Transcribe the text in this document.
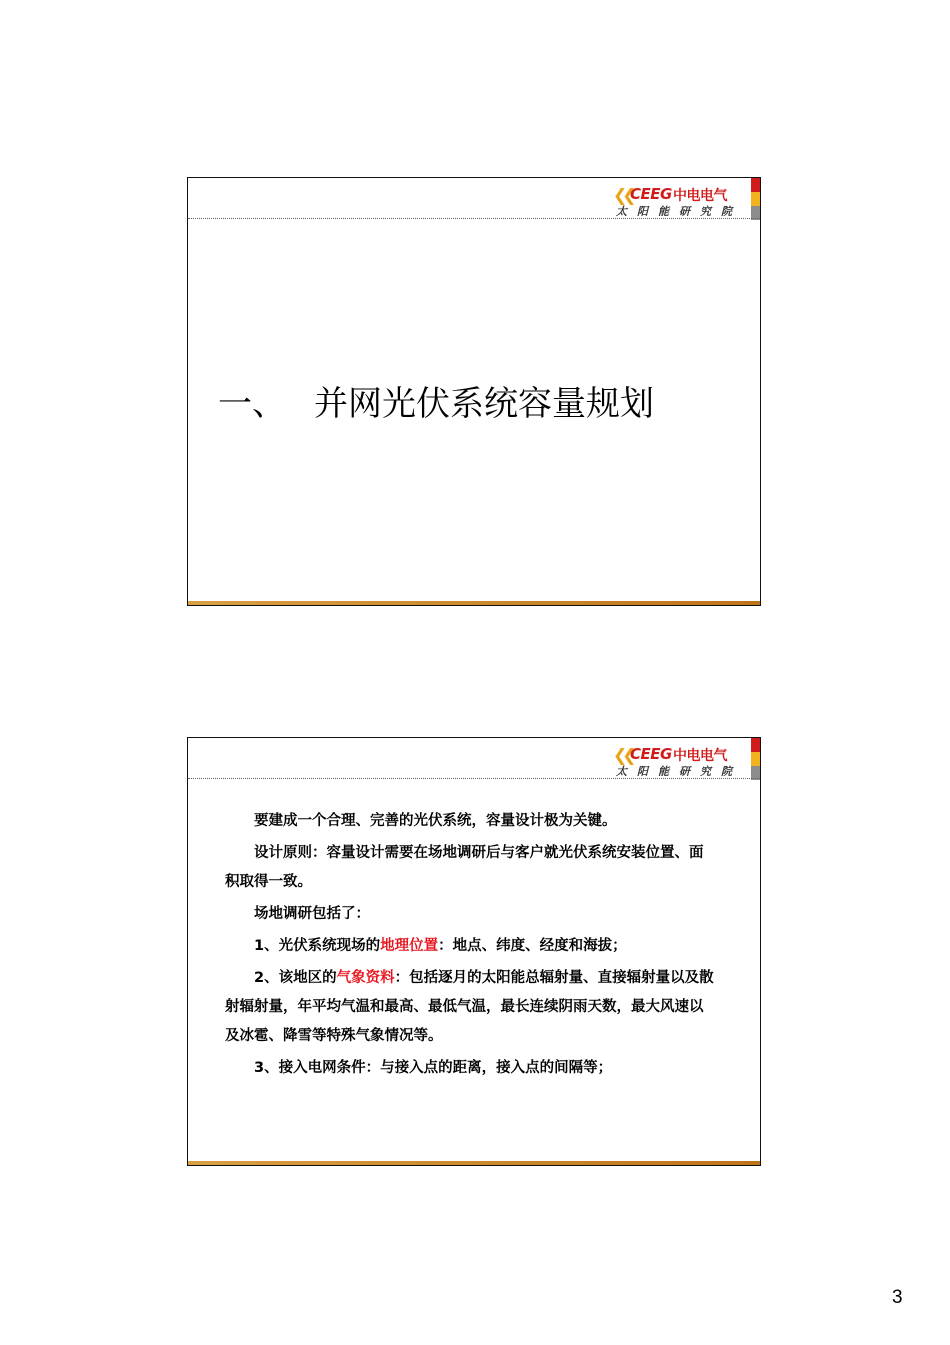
❮❮
CEEG 中电电气
太阳能研究院
一、 并网光伏系统容量规划
❮❮
CEEG 中电电气
太阳能研究院

要建成一个合理、完善的光伏系统，容量设计极为关键。

设计原则：容量设计需要在场地调研后与客户就光伏系统安装位置、面积取得一致。

场地调研包括了：

1、光伏系统现场的地理位置：地点、纬度、经度和海拔；

2、该地区的气象资料：包括逐月的太阳能总辐射量、直接辐射量以及散射辐射量，年平均气温和最高、最低气温，最长连续阴雨天数，最大风速以及冰雹、降雪等特殊气象情况等。

3、接入电网条件：与接入点的距离，接入点的间隔等；

3
